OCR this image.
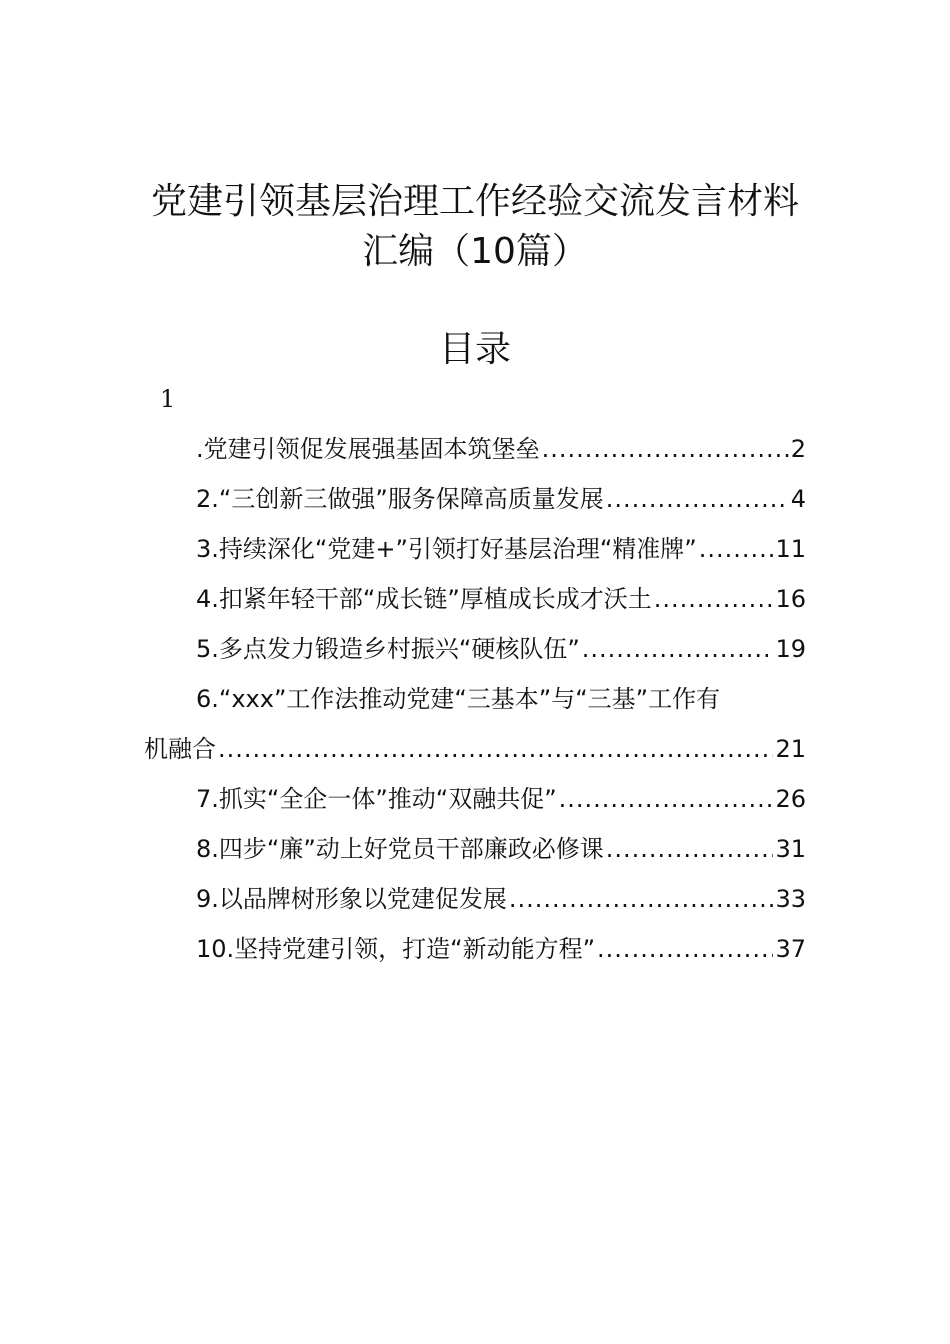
党建引领基层治理工作经验交流发言材料
汇编（10篇）
目录
1
.党建引领促发展强基固本筑堡垒 .....	2
2.“三创新三做强”服务保障高质量发展 .....	4
3.持续深化“党建+”引领打好基层治理“精准牌” .....	11
4.扣紧年轻干部“成长链”厚植成长成才沃土 .....	16
5.多点发力锻造乡村振兴“硬核队伍” .....	19
6.“xxx”工作法推动党建“三基本”与“三基”工作有
机融合 .....	21
7.抓实“全企一体”推动“双融共促” .....	26
8.四步“廉”动上好党员干部廉政必修课 .....	31
9.以品牌树形象以党建促发展 .....	33
10.坚持党建引领，打造“新动能方程” .....	37
